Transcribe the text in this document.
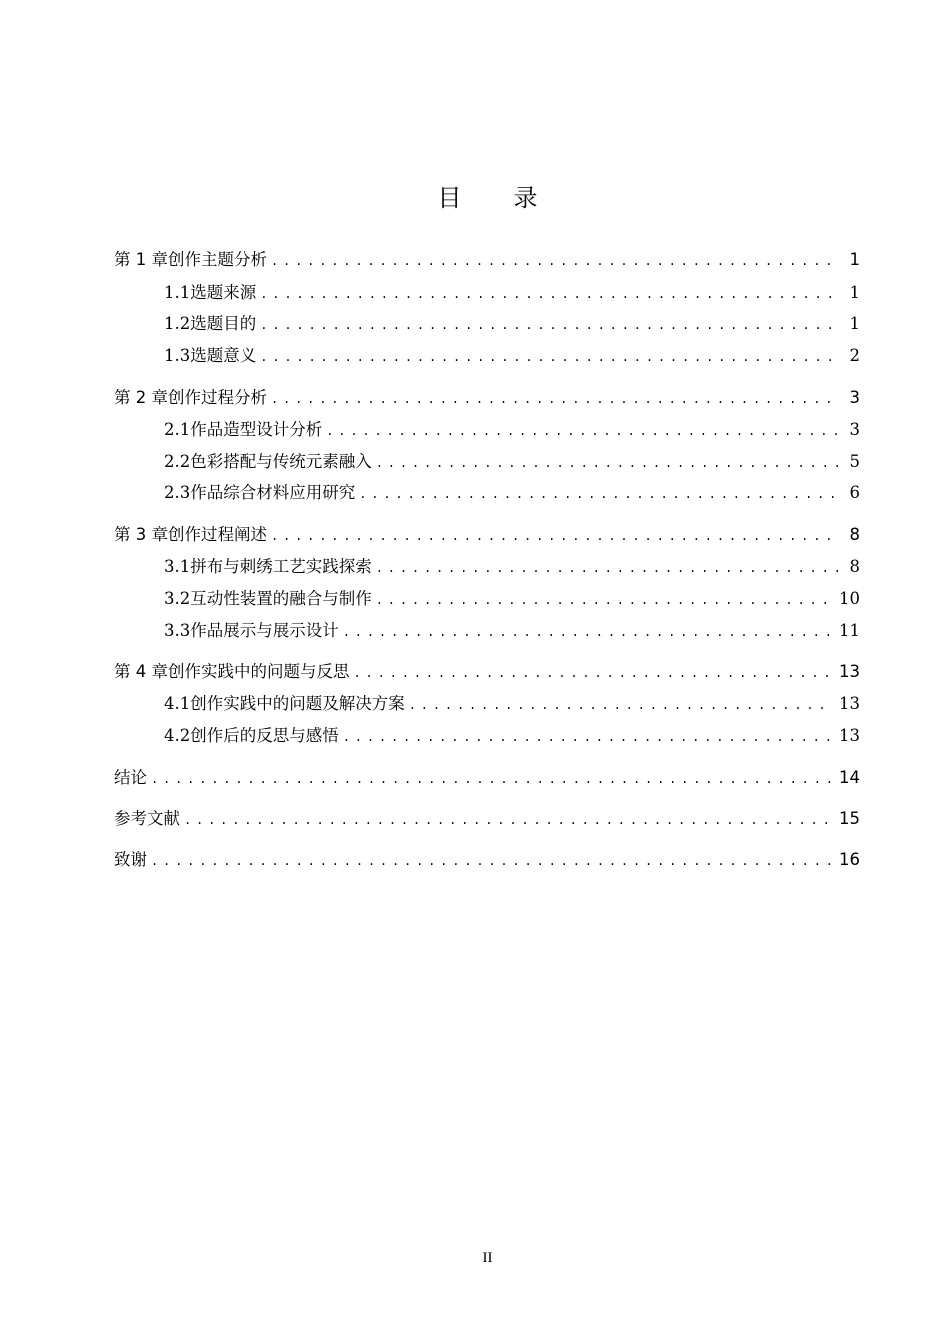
目 录
第 1 章 创作主题分析 . . .	1
1.1 选题来源 . . .	1
1.2 选题目的 . . .	1
1.3 选题意义 . . .	2
第 2 章 创作过程分析 . . .	3
2.1 作品造型设计分析 . . .	3
2.2 色彩搭配与传统元素融入 . . .	5
2.3 作品综合材料应用研究 . . .	6
第 3 章 创作过程阐述 . . .	8
3.1 拼布与刺绣工艺实践探索 . . .	8
3.2 互动性装置的融合与制作 . . .	10
3.3 作品展示与展示设计 . . .	11
第 4 章 创作实践中的问题与反思 . . .	13
4.1 创作实践中的问题及解决方案 . . .	13
4.2 创作后的反思与感悟 . . .	13
结论 . . .	14
参考文献 . . .	15
致谢 . . .	16
II
